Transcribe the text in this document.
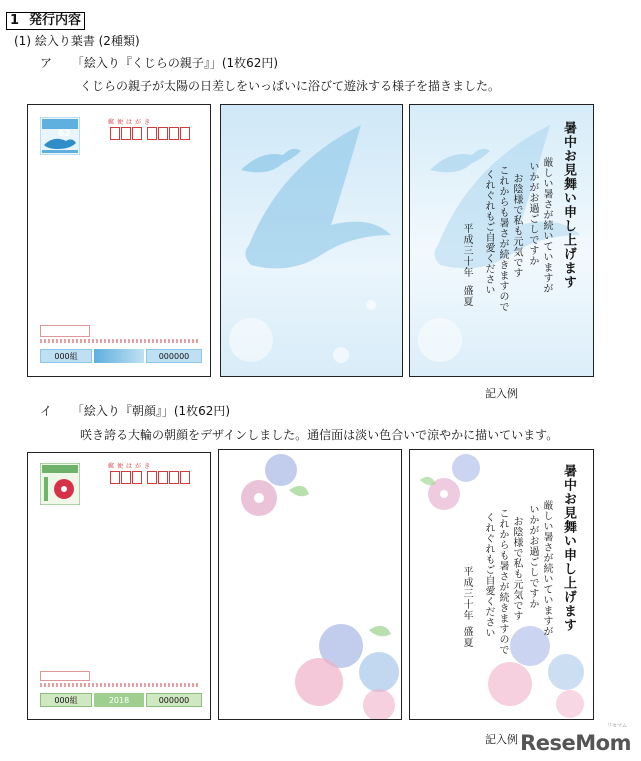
1 発行内容
(1) 絵入り葉書 (2種類)
ア 「絵入り『くじらの親子』」(1枚62円)
くじらの親子が太陽の日差しをいっぱいに浴びて遊泳する様子を描きました。
62
郵便はがき
000組	000000
暑中お見舞い申し上げます
厳しい暑さが続いていますが
いかがお過ごしですか
お陰様で私も元気です
これからも暑さが続きますので
くれぐれもご自愛ください
平成三十年
盛夏
記入例
イ 「絵入り『朝顔』」(1枚62円)
咲き誇る大輪の朝顔をデザインしました。通信面は淡い色合いで涼やかに描いています。
郵便はがき
000組	2018	000000
暑中お見舞い申し上げます
厳しい暑さが続いていますが
いかがお過ごしですか
お陰様で私も元気です
これからも暑さが続きますので
くれぐれもご自愛ください
平成三十年
盛夏
記入例
リセマム
ReseMom
